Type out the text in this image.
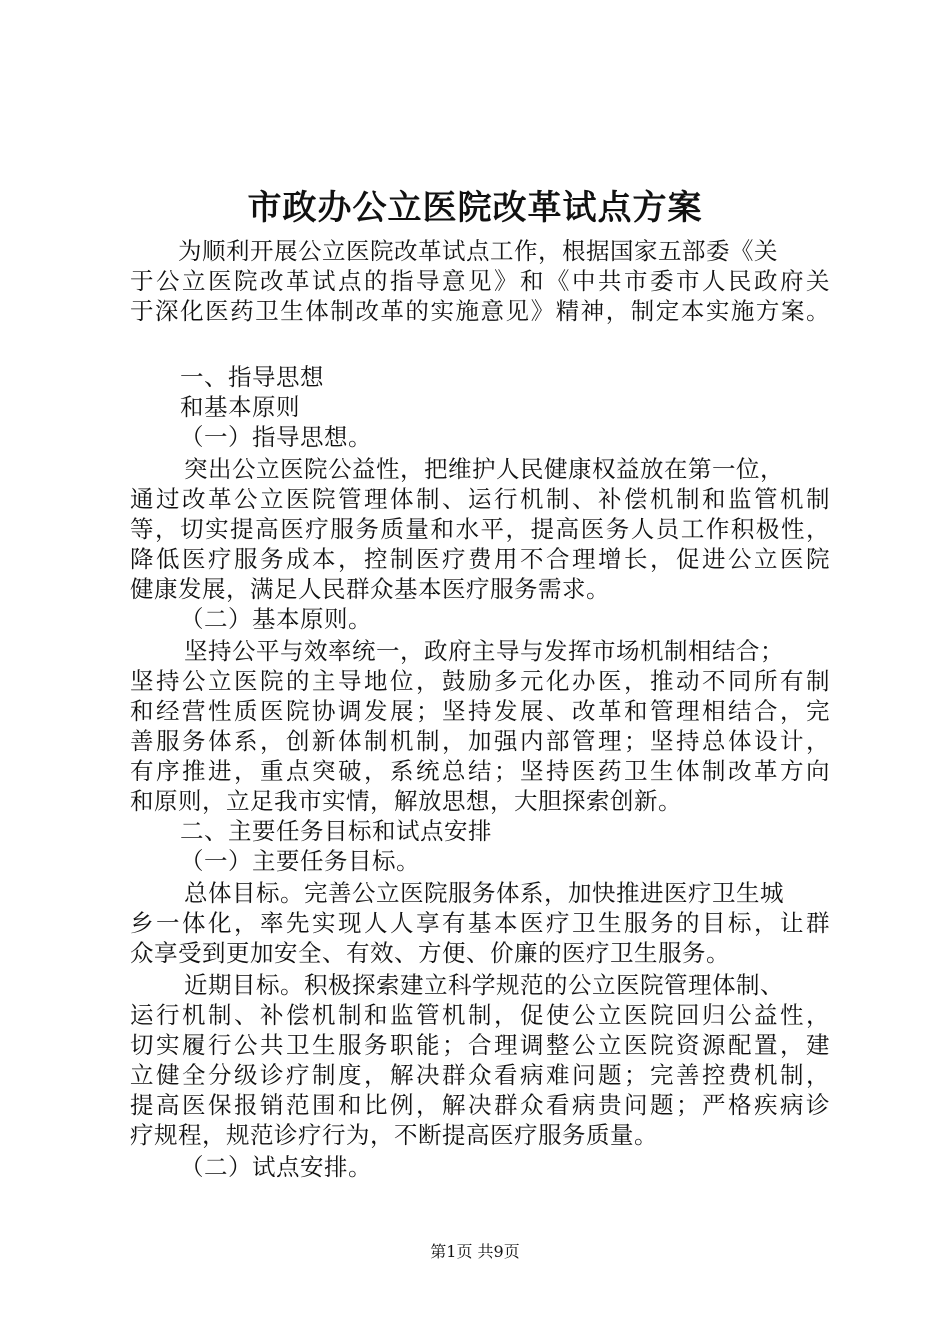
市政办公立医院改革试点方案
为顺利开展公立医院改革试点工作，根据国家五部委《关
于公立医院改革试点的指导意见》和《中共市委市人民政府关
于深化医药卫生体制改革的实施意见》精神，制定本实施方案。
一、指导思想
和基本原则
（一）指导思想。
突出公立医院公益性，把维护人民健康权益放在第一位，
通过改革公立医院管理体制、运行机制、补偿机制和监管机制
等，切实提高医疗服务质量和水平，提高医务人员工作积极性，
降低医疗服务成本，控制医疗费用不合理增长，促进公立医院
健康发展，满足人民群众基本医疗服务需求。
（二）基本原则。
坚持公平与效率统一，政府主导与发挥市场机制相结合；
坚持公立医院的主导地位，鼓励多元化办医，推动不同所有制
和经营性质医院协调发展；坚持发展、改革和管理相结合，完
善服务体系，创新体制机制，加强内部管理；坚持总体设计，
有序推进，重点突破，系统总结；坚持医药卫生体制改革方向
和原则，立足我市实情，解放思想，大胆探索创新。
二、主要任务目标和试点安排
（一）主要任务目标。
总体目标。完善公立医院服务体系，加快推进医疗卫生城
乡一体化，率先实现人人享有基本医疗卫生服务的目标，让群
众享受到更加安全、有效、方便、价廉的医疗卫生服务。
近期目标。积极探索建立科学规范的公立医院管理体制、
运行机制、补偿机制和监管机制，促使公立医院回归公益性，
切实履行公共卫生服务职能；合理调整公立医院资源配置，建
立健全分级诊疗制度，解决群众看病难问题；完善控费机制，
提高医保报销范围和比例，解决群众看病贵问题；严格疾病诊
疗规程，规范诊疗行为，不断提高医疗服务质量。
（二）试点安排。
第1页 共9页
